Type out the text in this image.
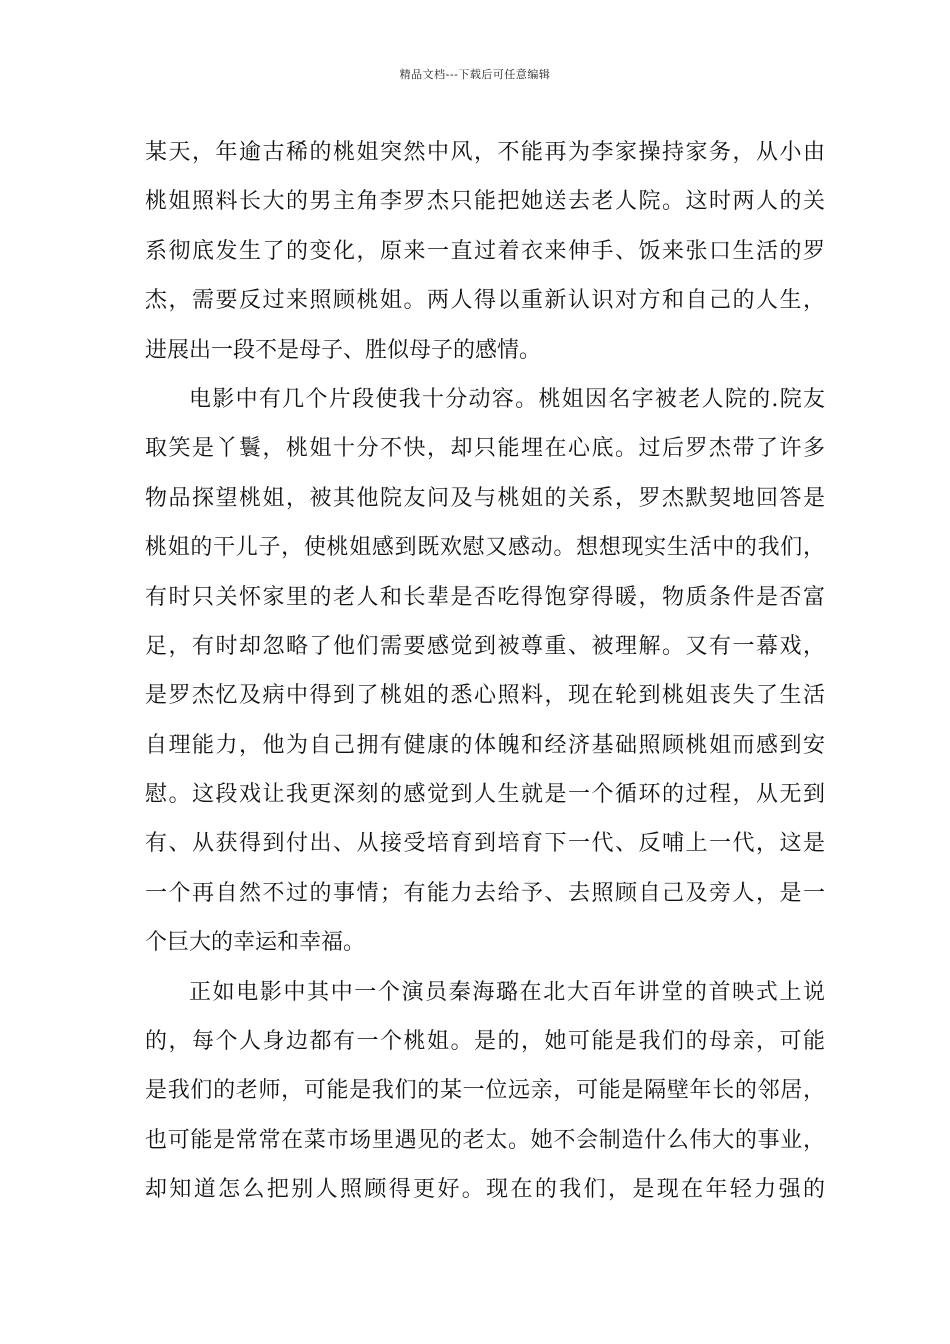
精品文档---下载后可任意编辑
某天，年逾古稀的桃姐突然中风，不能再为李家操持家务，从小由
桃姐照料长大的男主角李罗杰只能把她送去老人院。这时两人的关
系彻底发生了的变化，原来一直过着衣来伸手、饭来张口生活的罗
杰，需要反过来照顾桃姐。两人得以重新认识对方和自己的人生，
进展出一段不是母子、胜似母子的感情。
电影中有几个片段使我十分动容。桃姐因名字被老人院的.院友
取笑是丫鬟，桃姐十分不快，却只能埋在心底。过后罗杰带了许多
物品探望桃姐，被其他院友问及与桃姐的关系，罗杰默契地回答是
桃姐的干儿子，使桃姐感到既欢慰又感动。想想现实生活中的我们，
有时只关怀家里的老人和长辈是否吃得饱穿得暖，物质条件是否富
足，有时却忽略了他们需要感觉到被尊重、被理解。又有一幕戏，
是罗杰忆及病中得到了桃姐的悉心照料，现在轮到桃姐丧失了生活
自理能力，他为自己拥有健康的体魄和经济基础照顾桃姐而感到安
慰。这段戏让我更深刻的感觉到人生就是一个循环的过程，从无到
有、从获得到付出、从接受培育到培育下一代、反哺上一代，这是
一个再自然不过的事情；有能力去给予、去照顾自己及旁人，是一
个巨大的幸运和幸福。
正如电影中其中一个演员秦海璐在北大百年讲堂的首映式上说
的，每个人身边都有一个桃姐。是的，她可能是我们的母亲，可能
是我们的老师，可能是我们的某一位远亲，可能是隔壁年长的邻居，
也可能是常常在菜市场里遇见的老太。她不会制造什么伟大的事业，
却知道怎么把别人照顾得更好。现在的我们，是现在年轻力强的
